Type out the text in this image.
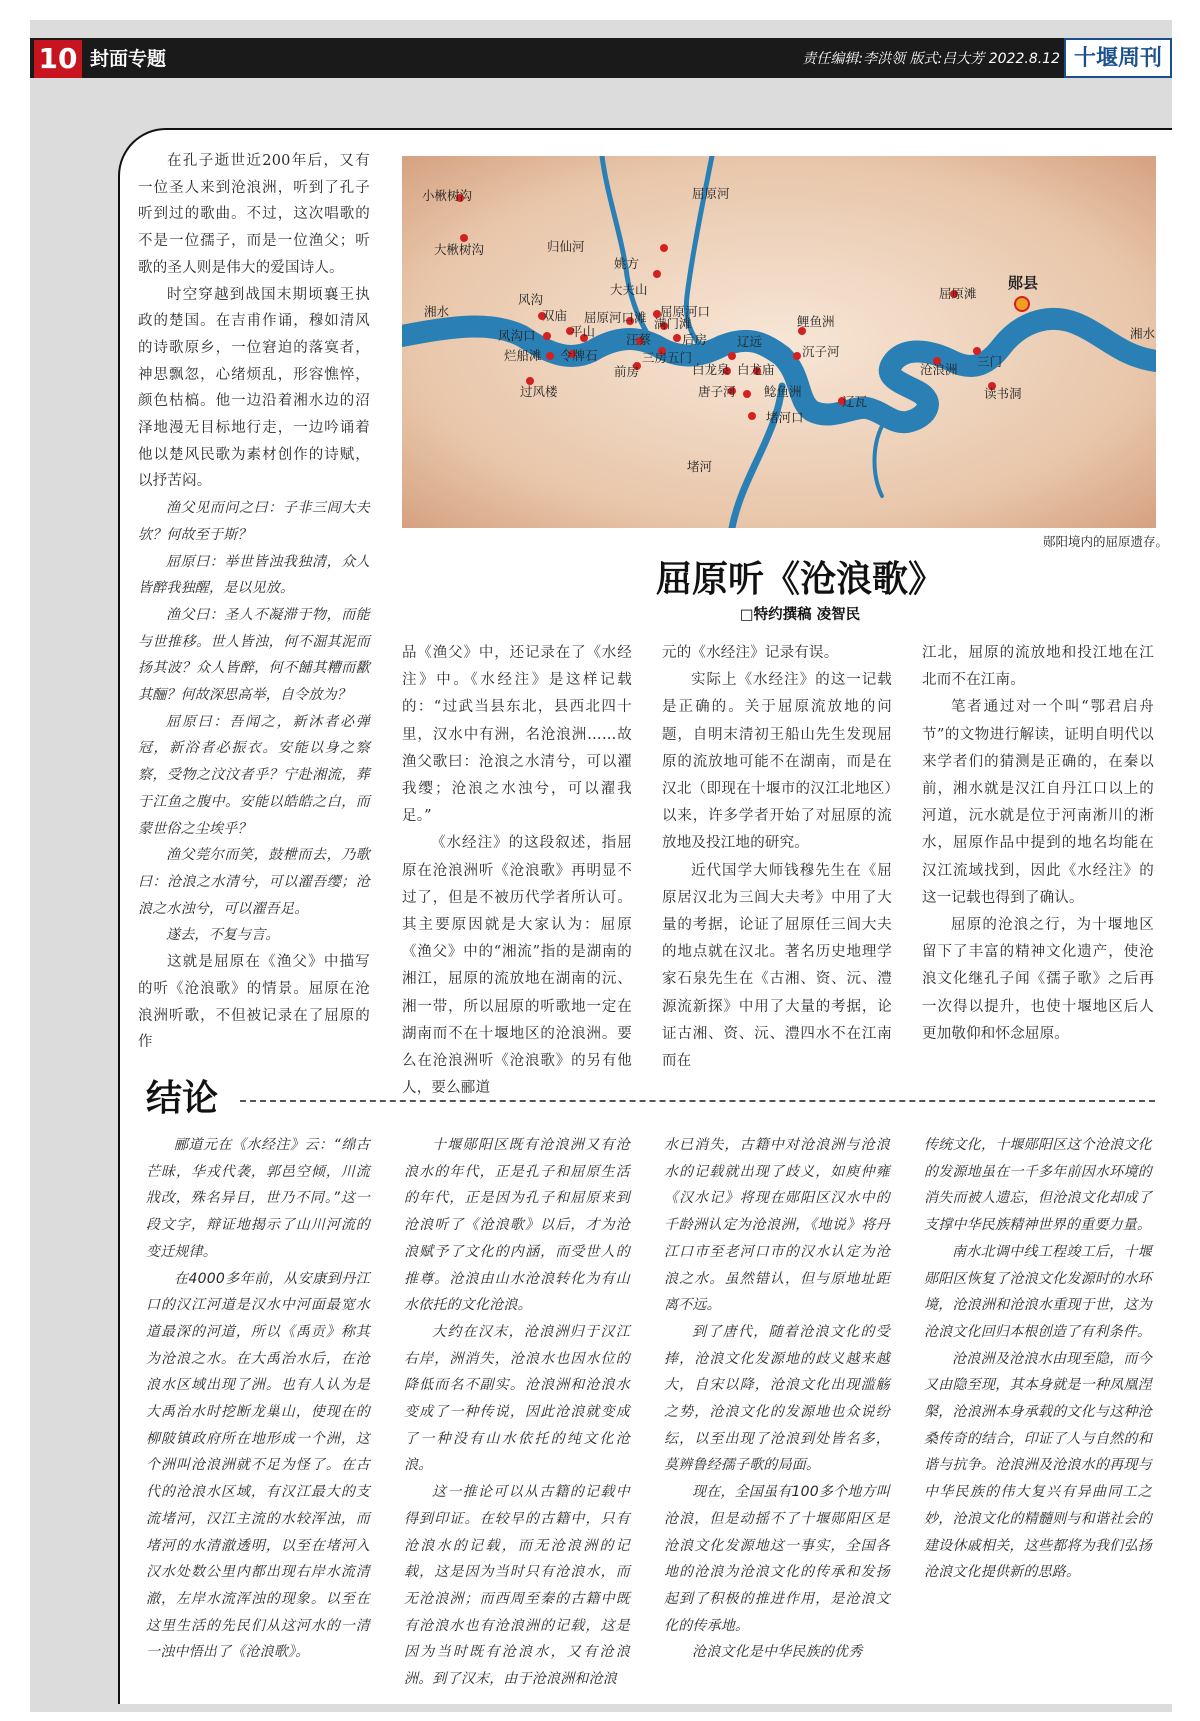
10 封面专题	责任编辑:李洪领 版式:吕大芳 2022.8.12 十堰周刊

在孔子逝世近200年后，又有一位圣人来到沧浪洲，听到了孔子听到过的歌曲。不过，这次唱歌的不是一位孺子，而是一位渔父；听歌的圣人则是伟大的爱国诗人。

时空穿越到战国末期顷襄王执政的楚国。在吉甫作诵，穆如清风的诗歌原乡，一位窘迫的落寞者，神思飘忽，心绪烦乱，形容憔悴，颜色枯槁。他一边沿着湘水边的沼泽地漫无目标地行走，一边吟诵着他以楚风民歌为素材创作的诗赋，以抒苦闷。

渔父见而问之曰：子非三闾大夫欤？何故至于斯？

屈原曰：举世皆浊我独清，众人皆醉我独醒，是以见放。

渔父曰：圣人不凝滞于物，而能与世推移。世人皆浊，何不淈其泥而扬其波？众人皆醉，何不餔其糟而歠其酾？何故深思高举，自令放为？

屈原曰：吾闻之，新沐者必弹冠，新浴者必振衣。安能以身之察察，受物之汶汶者乎？宁赴湘流，葬于江鱼之腹中。安能以皓皓之白，而蒙世俗之尘埃乎？

渔父莞尔而笑，鼓枻而去，乃歌曰：沧浪之水清兮，可以濯吾缨；沧浪之水浊兮，可以濯吾足。

遂去，不复与言。

这就是屈原在《渔父》中描写的听《沧浪歌》的情景。屈原在沧浪洲听歌，不但被记录在了屈原的作

屈原河
归仙河
湘水
湘水
堵河
小楸树沟
大楸树沟
姚方
大夫山
风沟
双庙 屈原河口滩 屈原河口
风沟口	平山
满门滩
烂船滩 令牌石
汪蔡 后房
过风楼
三房五门
前房	白龙泉 白龙庙
唐子河 鲶鱼洲
堵河口
辽远
鲤鱼洲
沉子河
辽瓦
屈原滩
郧县
沧浪洲
三门
读书洞
郧阳境内的屈原遗存。
屈原听《沧浪歌》
□特约撰稿 凌智民

品《渔父》中，还记录在了《水经注》中。《水经注》是这样记载的：“过武当县东北，县西北四十里，汉水中有洲，名沧浪洲……故渔父歌曰：沧浪之水清兮，可以濯我缨；沧浪之水浊兮，可以濯我足。”

《水经注》的这段叙述，指屈原在沧浪洲听《沧浪歌》再明显不过了，但是不被历代学者所认可。其主要原因就是大家认为：屈原《渔父》中的“湘流”指的是湖南的湘江，屈原的流放地在湖南的沅、湘一带，所以屈原的听歌地一定在湖南而不在十堰地区的沧浪洲。要么在沧浪洲听《沧浪歌》的另有他人，要么郦道

元的《水经注》记录有误。

实际上《水经注》的这一记载是正确的。关于屈原流放地的问题，自明末清初王船山先生发现屈原的流放地可能不在湖南，而是在汉北（即现在十堰市的汉江北地区）以来，许多学者开始了对屈原的流放地及投江地的研究。

近代国学大师钱穆先生在《屈原居汉北为三闾大夫考》中用了大量的考据，论证了屈原任三闾大夫的地点就在汉北。著名历史地理学家石泉先生在《古湘、资、沅、澧源流新探》中用了大量的考据，论证古湘、资、沅、澧四水不在江南而在

江北，屈原的流放地和投江地在江北而不在江南。

笔者通过对一个叫“鄂君启舟节”的文物进行解读，证明自明代以来学者们的猜测是正确的，在秦以前，湘水就是汉江自丹江口以上的河道，沅水就是位于河南淅川的淅水，屈原作品中提到的地名均能在汉江流域找到，因此《水经注》的这一记载也得到了确认。

屈原的沧浪之行，为十堰地区留下了丰富的精神文化遗产，使沧浪文化继孔子闻《孺子歌》之后再一次得以提升，也使十堰地区后人更加敬仰和怀念屈原。

结论

郦道元在《水经注》云：“绵古芒昧，华戎代袭，郭邑空倾，川流戕改，殊名异目，世乃不同。”这一段文字，辩证地揭示了山川河流的变迁规律。

在4000多年前，从安康到丹江口的汉江河道是汉水中河面最宽水道最深的河道，所以《禹贡》称其为沧浪之水。在大禹治水后，在沧浪水区域出现了洲。也有人认为是大禹治水时挖断龙巢山，使现在的柳陂镇政府所在地形成一个洲，这个洲叫沧浪洲就不足为怪了。在古代的沧浪水区域，有汉江最大的支流堵河，汉江主流的水较浑浊，而堵河的水清澈透明，以至在堵河入汉水处数公里内都出现右岸水流清澈，左岸水流浑浊的现象。以至在这里生活的先民们从这河水的一清一浊中悟出了《沧浪歌》。

十堰郧阳区既有沧浪洲又有沧浪水的年代，正是孔子和屈原生活的年代，正是因为孔子和屈原来到沧浪听了《沧浪歌》以后，才为沧浪赋予了文化的内涵，而受世人的推尊。沧浪由山水沧浪转化为有山水依托的文化沧浪。

大约在汉末，沧浪洲归于汉江右岸，洲消失，沧浪水也因水位的降低而名不副实。沧浪洲和沧浪水变成了一种传说，因此沧浪就变成了一种没有山水依托的纯文化沧浪。

这一推论可以从古籍的记载中得到印证。在较早的古籍中，只有沧浪水的记载，而无沧浪洲的记载，这是因为当时只有沧浪水，而无沧浪洲；而西周至秦的古籍中既有沧浪水也有沧浪洲的记载，这是因为当时既有沧浪水，又有沧浪洲。到了汉末，由于沧浪洲和沧浪

水已消失，古籍中对沧浪洲与沧浪水的记载就出现了歧义，如庾仲雍《汉水记》将现在郧阳区汉水中的千龄洲认定为沧浪洲，《地说》将丹江口市至老河口市的汉水认定为沧浪之水。虽然错认，但与原地址距离不远。

到了唐代，随着沧浪文化的受捧，沧浪文化发源地的歧义越来越大，自宋以降，沧浪文化出现滥觞之势，沧浪文化的发源地也众说纷纭，以至出现了沧浪到处皆名多，莫辨鲁经孺子歌的局面。

现在，全国虽有100多个地方叫沧浪，但是动摇不了十堰郧阳区是沧浪文化发源地这一事实，全国各地的沧浪为沧浪文化的传承和发扬起到了积极的推进作用，是沧浪文化的传承地。

沧浪文化是中华民族的优秀

传统文化，十堰郧阳区这个沧浪文化的发源地虽在一千多年前因水环境的消失而被人遗忘，但沧浪文化却成了支撑中华民族精神世界的重要力量。

南水北调中线工程竣工后，十堰郧阳区恢复了沧浪文化发源时的水环境，沧浪洲和沧浪水重现于世，这为沧浪文化回归本根创造了有利条件。

沧浪洲及沧浪水由现至隐，而今又由隐至现，其本身就是一种凤凰涅槃，沧浪洲本身承载的文化与这种沧桑传奇的结合，印证了人与自然的和谐与抗争。沧浪洲及沧浪水的再现与中华民族的伟大复兴有异曲同工之妙，沧浪文化的精髓则与和谐社会的建设休戚相关，这些都将为我们弘扬沧浪文化提供新的思路。
